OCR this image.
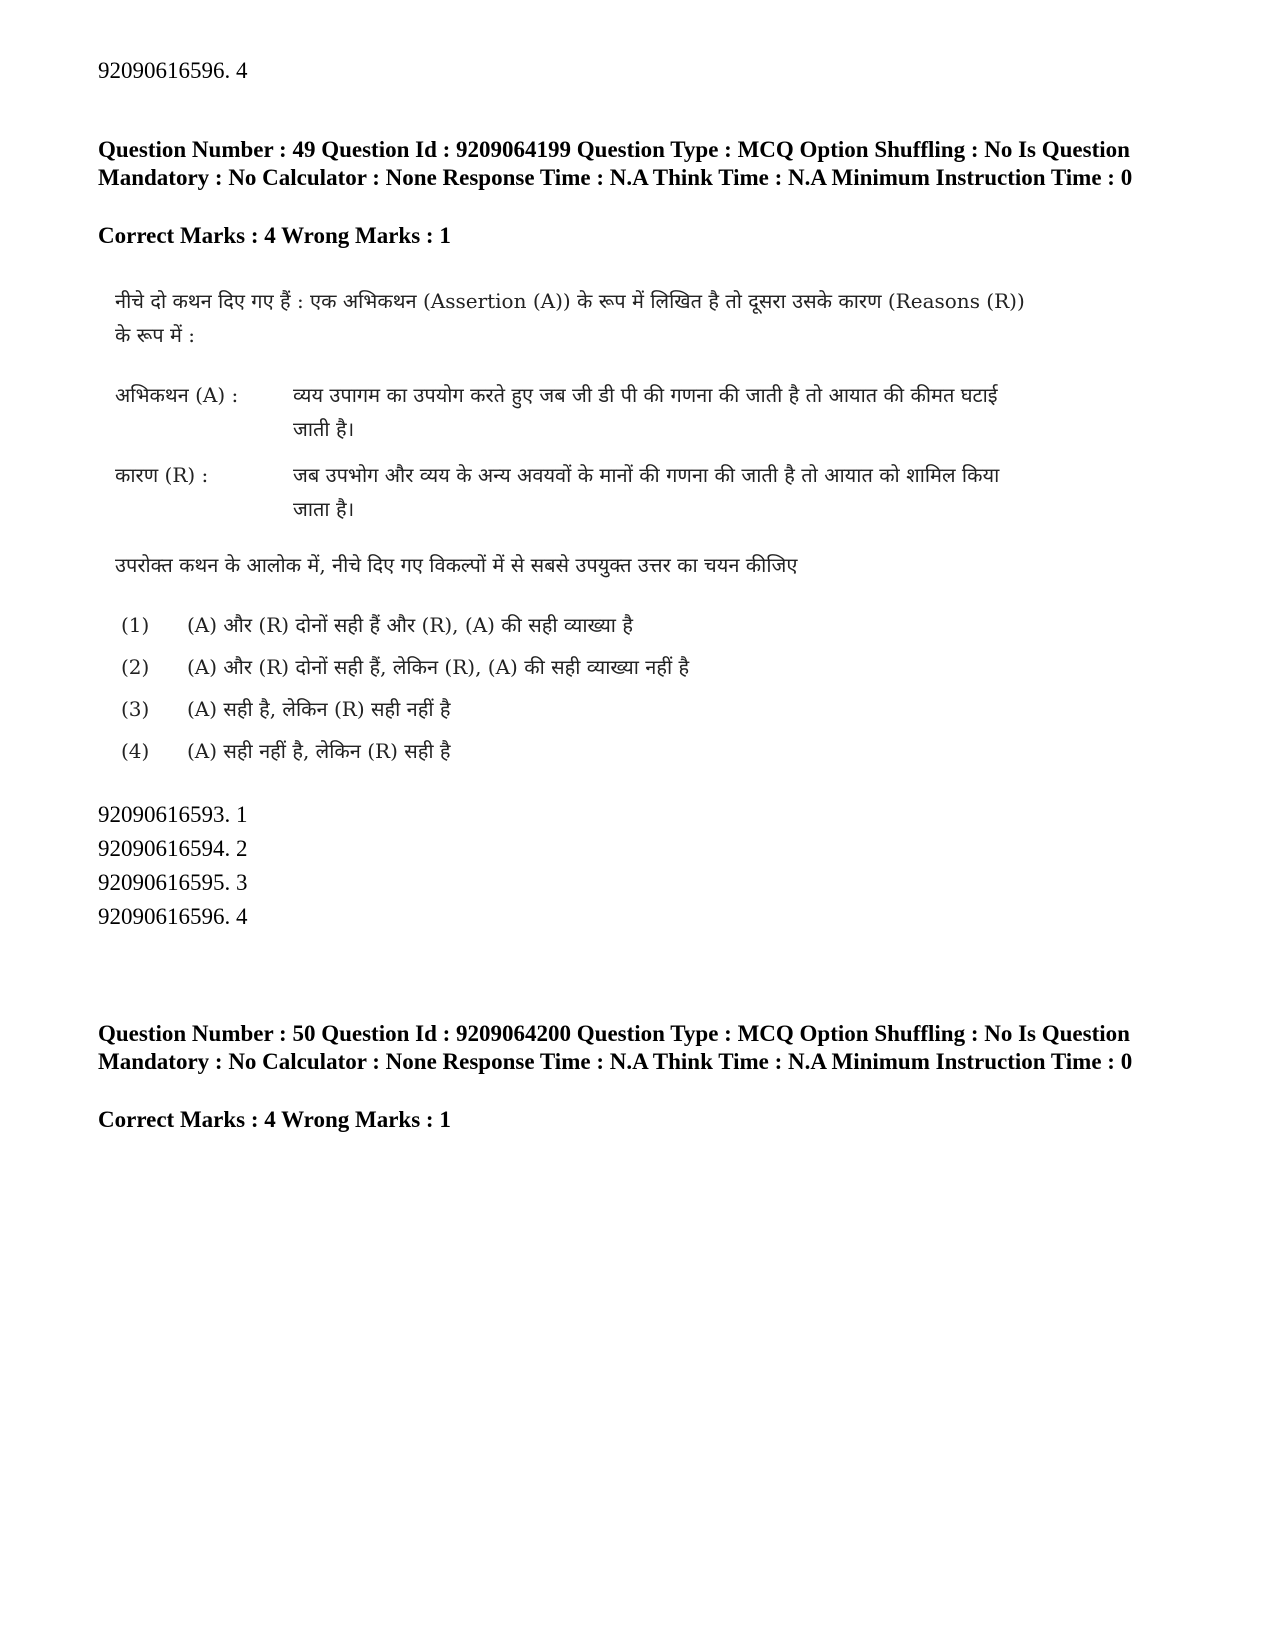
92090616596. 4

Question Number : 49 Question Id : 9209064199 Question Type : MCQ Option Shuffling : No Is Question Mandatory : No Calculator : None Response Time : N.A Think Time : N.A Minimum Instruction Time : 0

Correct Marks : 4 Wrong Marks : 1

92090616593. 1

92090616594. 2

92090616595. 3

92090616596. 4

Question Number : 50 Question Id : 9209064200 Question Type : MCQ Option Shuffling : No Is Question Mandatory : No Calculator : None Response Time : N.A Think Time : N.A Minimum Instruction Time : 0

Correct Marks : 4 Wrong Marks : 1

नीचे दो कथन दिए गए हैं : एक अभिकथन (Assertion (A)) के रूप में लिखित है तो दूसरा उसके कारण (Reasons (R)) के रूप में :

अभिकथन (A) :	व्यय उपागम का उपयोग करते हुए जब जी डी पी की गणना की जाती है तो आयात की कीमत घटाई जाती है।
कारण (R) :	जब उपभोग और व्यय के अन्य अवयवों के मानों की गणना की जाती है तो आयात को शामिल किया जाता है।

उपरोक्त कथन के आलोक में, नीचे दिए गए विकल्पों में से सबसे उपयुक्त उत्तर का चयन कीजिए

(1)	(A) और (R) दोनों सही हैं और (R), (A) की सही व्याख्या है
(2)	(A) और (R) दोनों सही हैं, लेकिन (R), (A) की सही व्याख्या नहीं है
(3)	(A) सही है, लेकिन (R) सही नहीं है
(4)	(A) सही नहीं है, लेकिन (R) सही है
